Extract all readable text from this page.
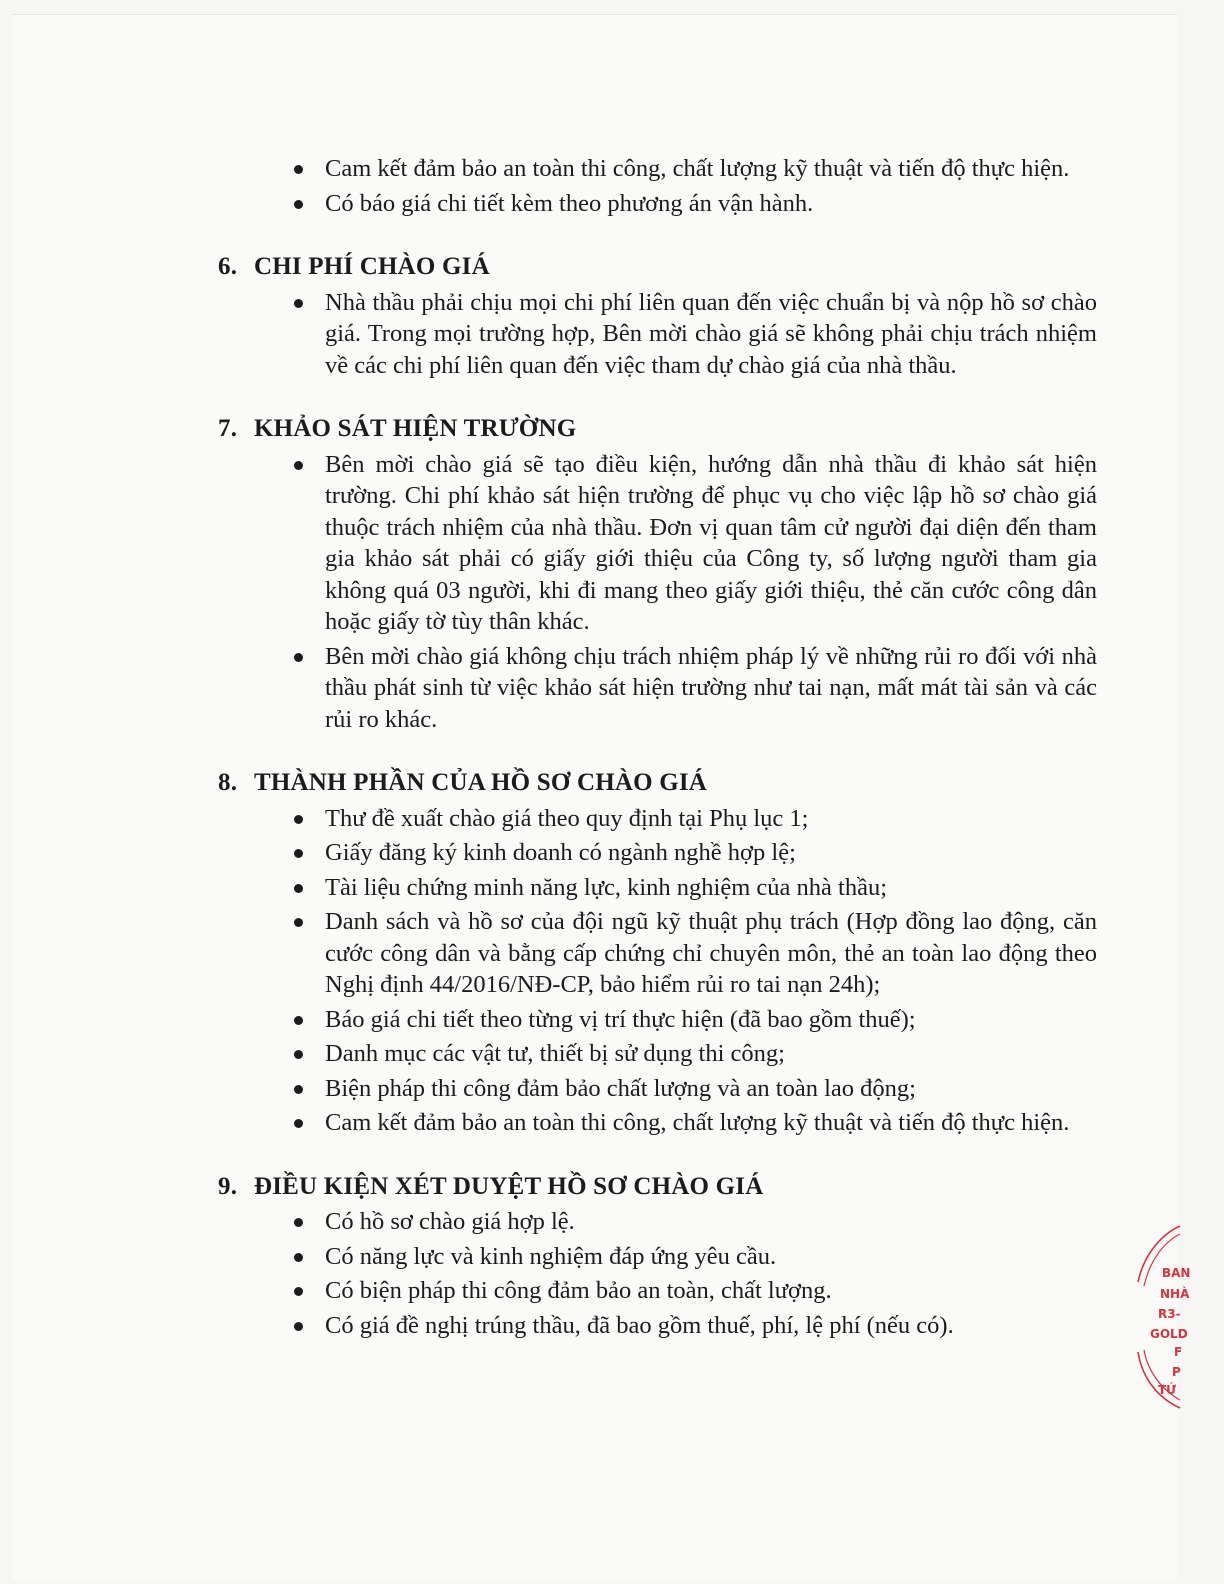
Cam kết đảm bảo an toàn thi công, chất lượng kỹ thuật và tiến độ thực hiện.
Có báo giá chi tiết kèm theo phương án vận hành.
6. CHI PHÍ CHÀO GIÁ
Nhà thầu phải chịu mọi chi phí liên quan đến việc chuẩn bị và nộp hồ sơ chào giá. Trong mọi trường hợp, Bên mời chào giá sẽ không phải chịu trách nhiệm về các chi phí liên quan đến việc tham dự chào giá của nhà thầu.
7. KHẢO SÁT HIỆN TRƯỜNG
Bên mời chào giá sẽ tạo điều kiện, hướng dẫn nhà thầu đi khảo sát hiện trường. Chi phí khảo sát hiện trường để phục vụ cho việc lập hồ sơ chào giá thuộc trách nhiệm của nhà thầu. Đơn vị quan tâm cử người đại diện đến tham gia khảo sát phải có giấy giới thiệu của Công ty, số lượng người tham gia không quá 03 người, khi đi mang theo giấy giới thiệu, thẻ căn cước công dân hoặc giấy tờ tùy thân khác.
Bên mời chào giá không chịu trách nhiệm pháp lý về những rủi ro đối với nhà thầu phát sinh từ việc khảo sát hiện trường như tai nạn, mất mát tài sản và các rủi ro khác.
8. THÀNH PHẦN CỦA HỒ SƠ CHÀO GIÁ
Thư đề xuất chào giá theo quy định tại Phụ lục 1;
Giấy đăng ký kinh doanh có ngành nghề hợp lệ;
Tài liệu chứng minh năng lực, kinh nghiệm của nhà thầu;
Danh sách và hồ sơ của đội ngũ kỹ thuật phụ trách (Hợp đồng lao động, căn cước công dân và bằng cấp chứng chỉ chuyên môn, thẻ an toàn lao động theo Nghị định 44/2016/NĐ-CP, bảo hiểm rủi ro tai nạn 24h);
Báo giá chi tiết theo từng vị trí thực hiện (đã bao gồm thuế);
Danh mục các vật tư, thiết bị sử dụng thi công;
Biện pháp thi công đảm bảo chất lượng và an toàn lao động;
Cam kết đảm bảo an toàn thi công, chất lượng kỹ thuật và tiến độ thực hiện.
9. ĐIỀU KIỆN XÉT DUYỆT HỒ SƠ CHÀO GIÁ
Có hồ sơ chào giá hợp lệ.
Có năng lực và kinh nghiệm đáp ứng yêu cầu.
Có biện pháp thi công đảm bảo an toàn, chất lượng.
Có giá đề nghị trúng thầu, đã bao gồm thuế, phí, lệ phí (nếu có).
BAN
NHÀ
R3-
GOLD
F
P
TỨ
